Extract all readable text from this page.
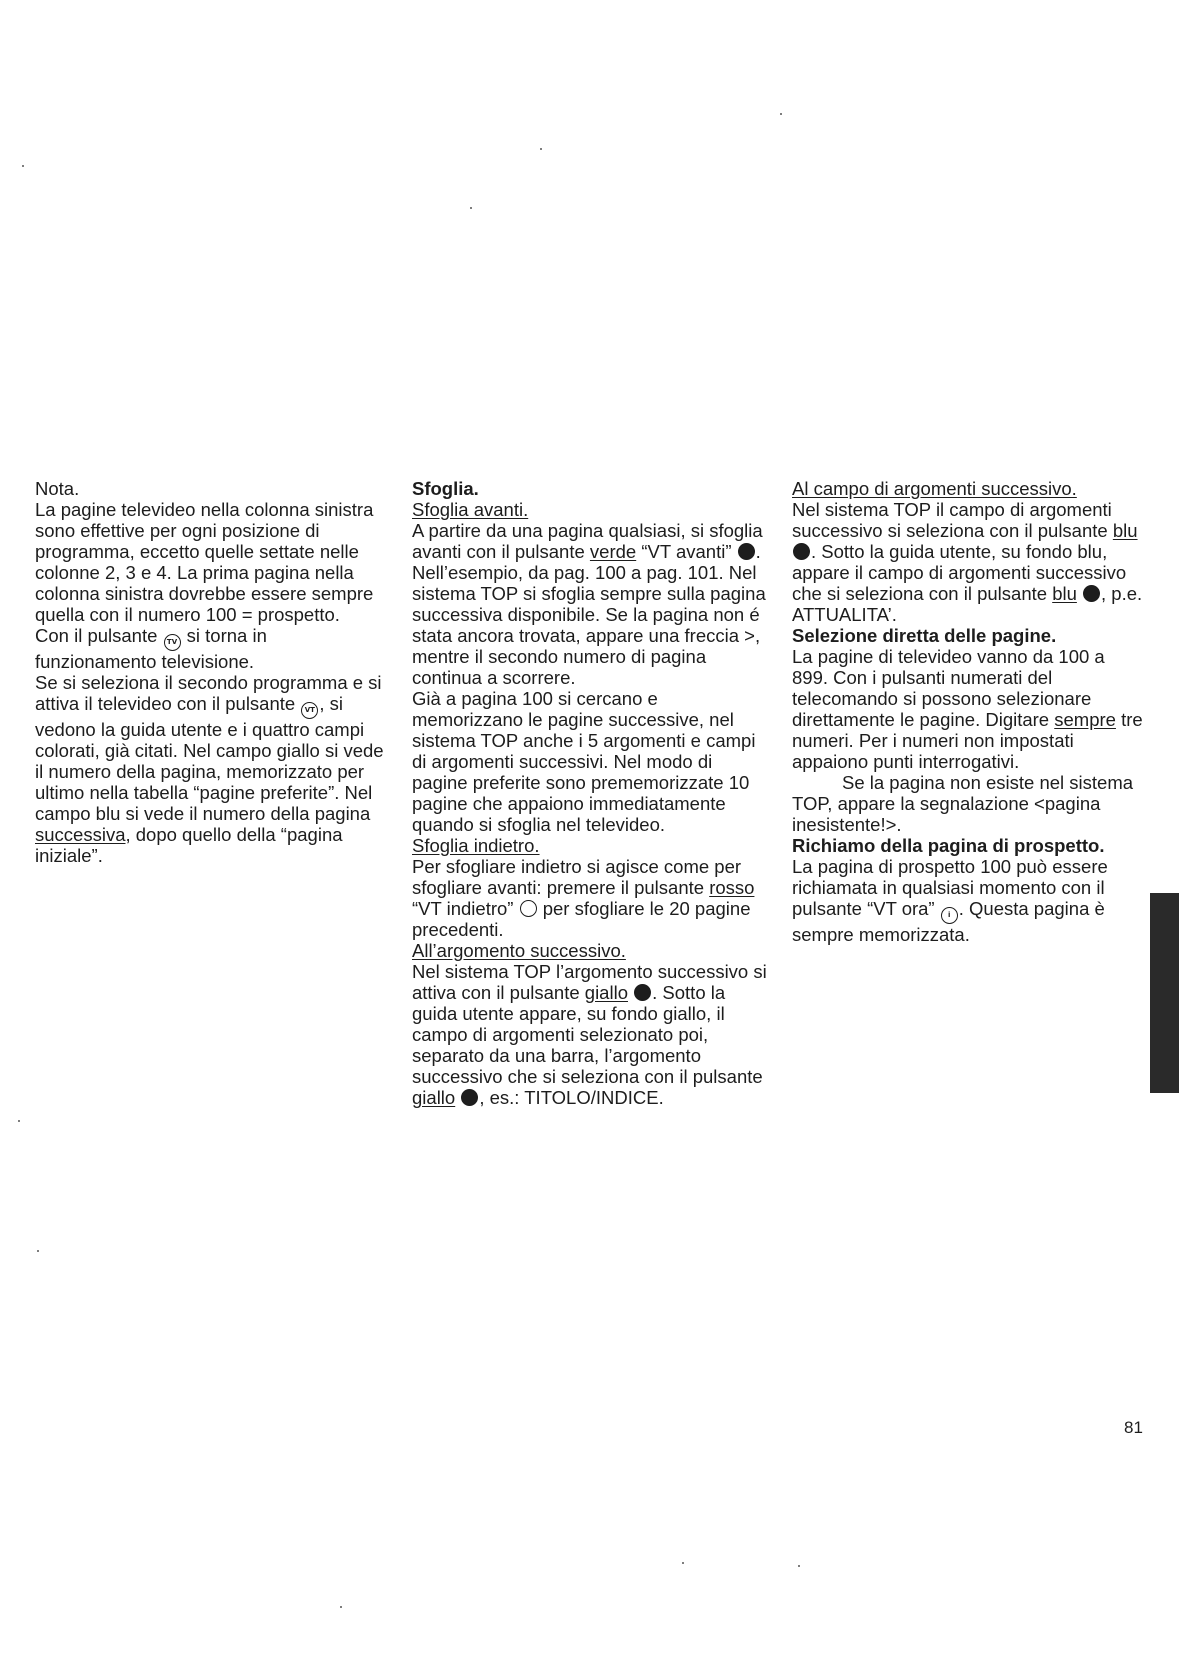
Nota.

La pagine televideo nella colonna sinistra sono effettive per ogni posizione di programma, eccetto quelle settate nelle colonne 2, 3 e 4. La prima pagina nella colonna sinistra dovrebbe essere sempre quella con il numero 100 = prospetto.

Con il pulsante TV si torna in funzionamento televisione.

Se si seleziona il secondo programma e si attiva il televideo con il pulsante VT , si vedono la guida utente e i quattro campi colorati, già citati. Nel campo giallo si vede il numero della pagina, memorizzato per ultimo nella tabella “pagine preferite”. Nel campo blu si vede il numero della pagina successiva, dopo quello della “pagina iniziale”.

Sfoglia.

Sfoglia avanti.

A partire da una pagina qualsiasi, si sfoglia avanti con il pulsante verde “VT avanti” . Nell’esempio, da pag. 100 a pag. 101. Nel sistema TOP si sfoglia sempre sulla pagina successiva disponibile. Se la pagina non é stata ancora trovata, appare una freccia >, mentre il secondo numero di pagina continua a scorrere.

Già a pagina 100 si cercano e memorizzano le pagine successive, nel sistema TOP anche i 5 argomenti e campi di argomenti successivi. Nel modo di pagine preferite sono prememorizzate 10 pagine che appaiono immediatamente quando si sfoglia nel televideo.

Sfoglia indietro.

Per sfogliare indietro si agisce come per sfogliare avanti: premere il pulsante rosso “VT indietro” per sfogliare le 20 pagine precedenti.

All’argomento successivo.

Nel sistema TOP l’argomento successivo si attiva con il pulsante giallo . Sotto la guida utente appare, su fondo giallo, il campo di argomenti selezionato poi, separato da una barra, l’argomento successivo che si seleziona con il pulsante giallo , es.: TITOLO/INDICE.

Al campo di argomenti successivo.

Nel sistema TOP il campo di argomenti successivo si seleziona con il pulsante blu . Sotto la guida utente, su fondo blu, appare il campo di argomenti successivo che si seleziona con il pulsante blu , p.e. ATTUALITA’.

Selezione diretta delle pagine.

La pagine di televideo vanno da 100 a 899. Con i pulsanti numerati del telecomando si possono selezionare direttamente le pagine. Digitare sempre tre numeri. Per i numeri non impostati appaiono punti interrogativi.

Se la pagina non esiste nel sistema TOP, appare la segnalazione <pagina inesistente!>.

Richiamo della pagina di prospetto.

La pagina di prospetto 100 può essere richiamata in qualsiasi momento con il pulsante “VT ora” i . Questa pagina è sempre memorizzata.

81
